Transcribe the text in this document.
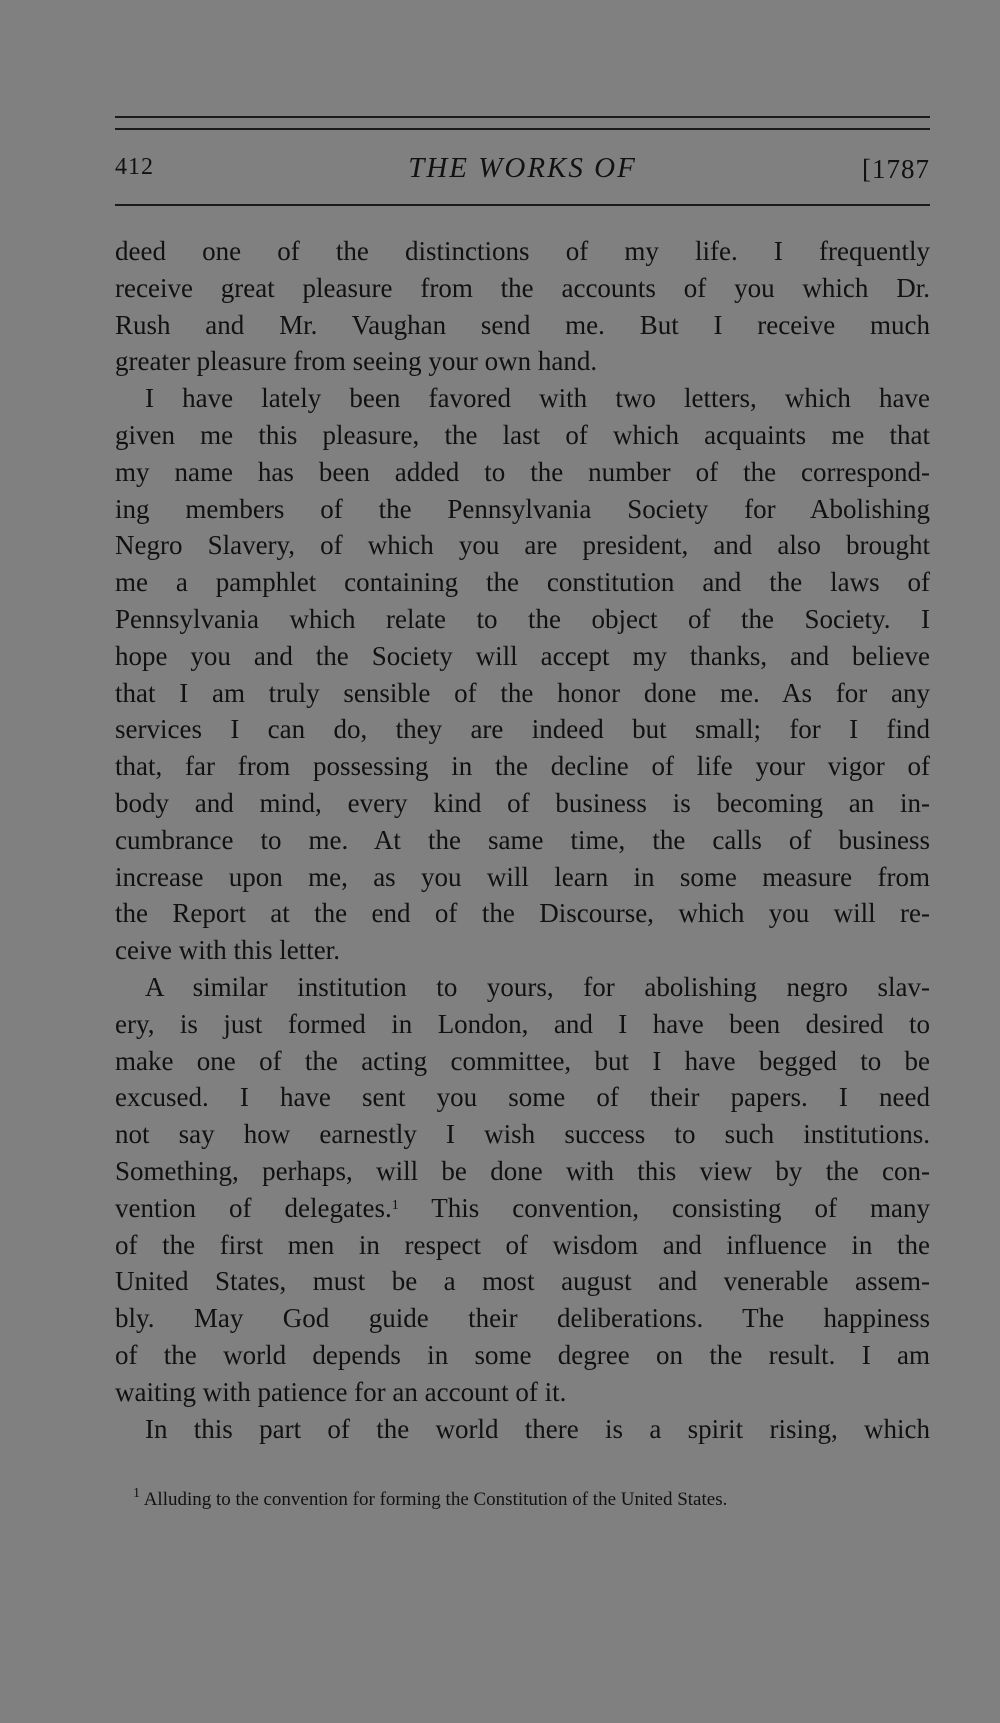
412	THE WORKS OF	[1787

deed one of the distinctions of my life. I frequently

receive great pleasure from the accounts of you which Dr.

Rush and Mr. Vaughan send me. But I receive much

greater pleasure from seeing your own hand.

I have lately been favored with two letters, which have

given me this pleasure, the last of which acquaints me that

my name has been added to the number of the correspond-

ing members of the Pennsylvania Society for Abolishing

Negro Slavery, of which you are president, and also brought

me a pamphlet containing the constitution and the laws of

Pennsylvania which relate to the object of the Society. I

hope you and the Society will accept my thanks, and believe

that I am truly sensible of the honor done me. As for any

services I can do, they are indeed but small; for I find

that, far from possessing in the decline of life your vigor of

body and mind, every kind of business is becoming an in-

cumbrance to me. At the same time, the calls of business

increase upon me, as you will learn in some measure from

the Report at the end of the Discourse, which you will re-

ceive with this letter.

A similar institution to yours, for abolishing negro slav-

ery, is just formed in London, and I have been desired to

make one of the acting committee, but I have begged to be

excused. I have sent you some of their papers. I need

not say how earnestly I wish success to such institutions.

Something, perhaps, will be done with this view by the con-

vention of delegates.$^1$ This convention, consisting of many

of the first men in respect of wisdom and influence in the

United States, must be a most august and venerable assem-

bly. May God guide their deliberations. The happiness

of the world depends in some degree on the result. I am

waiting with patience for an account of it.

In this part of the world there is a spirit rising, which

$^1$ Alluding to the convention for forming the Constitution of the United States.
